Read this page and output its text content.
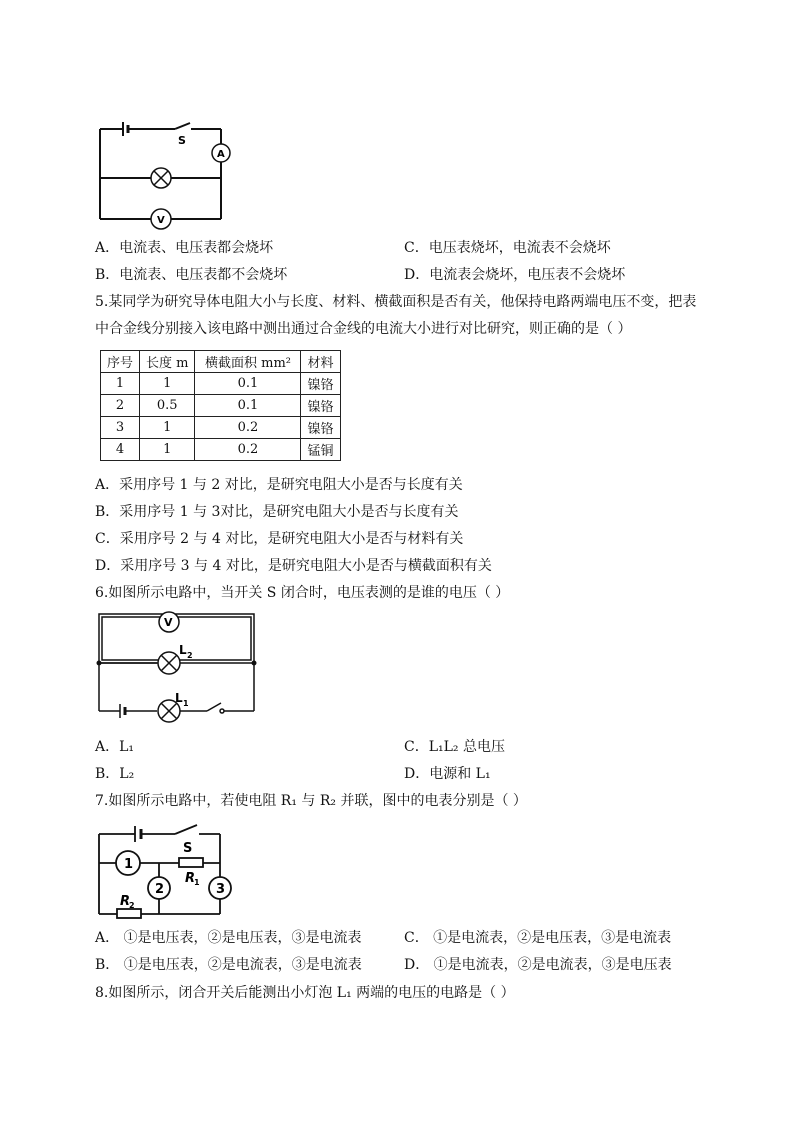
S
A
V
A．电流表、电压表都会烧坏	C．电压表烧坏，电流表不会烧坏
B．电流表、电压表都不会烧坏	D．电流表会烧坏，电压表不会烧坏
5.某同学为研究导体电阻大小与长度、材料、横截面积是否有关，他保持电路两端电压不变，把表
中合金线分别接入该电路中测出通过合金线的电流大小进行对比研究，则正确的是（ ）
序号	长度 m	横截面积 mm²	材料
1	1	0.1	镍铬
2	0.5	0.1	镍铬
3	1	0.2	镍铬
4	1	0.2	锰铜
A．采用序号 1 与 2 对比，是研究电阻大小是否与长度有关
B．采用序号 1 与 3对比，是研究电阻大小是否与长度有关
C．采用序号 2 与 4 对比，是研究电阻大小是否与材料有关
D．采用序号 3 与 4 对比，是研究电阻大小是否与横截面积有关
6.如图所示电路中，当开关 S 闭合时，电压表测的是谁的电压（ ）
V
L 2
L 1
A．L₁	C．L₁L₂ 总电压
B．L₂	D．电源和 L₁
7.如图所示电路中，若使电阻 R₁ 与 R₂ 并联，图中的电表分别是（ ）
1
2	3
S
R
1
R
2
A． ①是电压表，②是电压表，③是电流表	C． ①是电流表，②是电压表，③是电流表
B． ①是电压表，②是电流表，③是电流表	D． ①是电流表，②是电流表，③是电压表
8.如图所示，闭合开关后能测出小灯泡 L₁ 两端的电压的电路是（ ）
